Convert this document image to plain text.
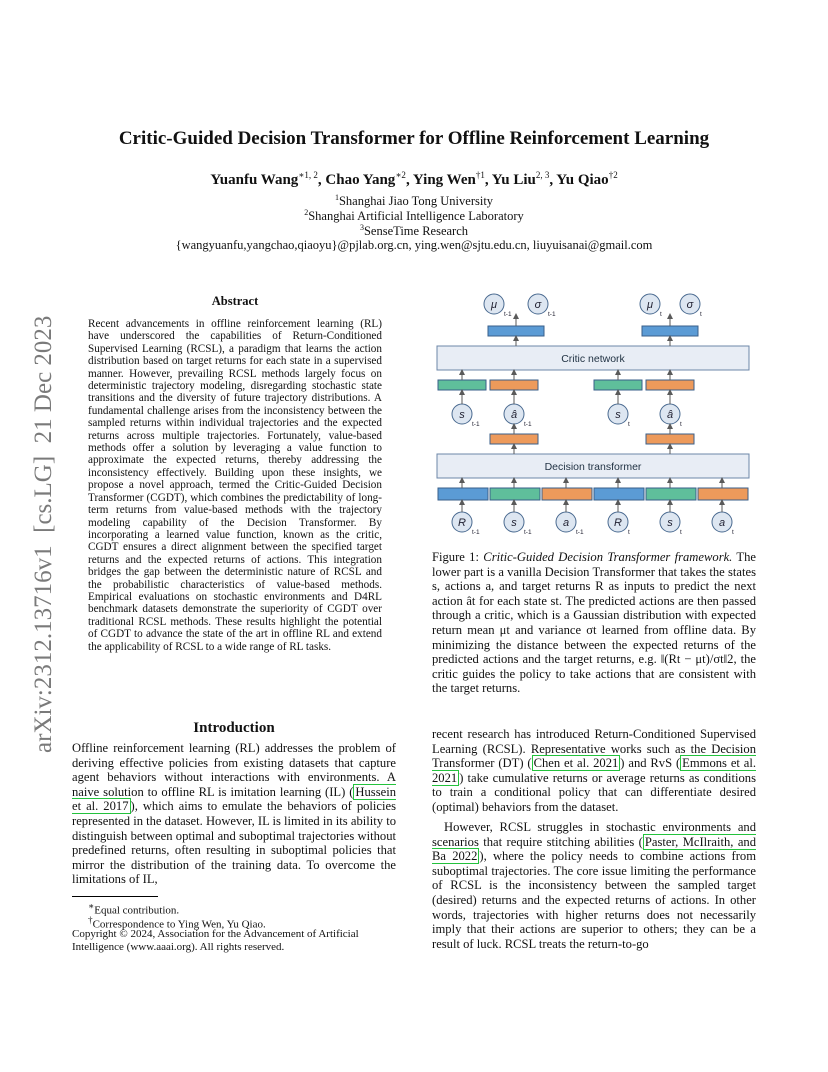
Critic-Guided Decision Transformer for Offline Reinforcement Learning
Yuanfu Wang$^{∗1, 2}$, Chao Yang$^{∗2}$, Ying Wen$^{\dagger 1}$, Yu Liu$^{2, 3}$, Yu Qiao$^{\dagger 2}$
$^1$Shanghai Jiao Tong University
$^2$Shanghai Artificial Intelligence Laboratory
$^3$SenseTime Research
{wangyuanfu,yangchao,qiaoyu}@pjlab.org.cn, ying.wen@sjtu.edu.cn, liuyuisanai@gmail.com
arXiv:2312.13716v1  [cs.LG]  21 Dec 2023
Abstract
Recent advancements in offline reinforcement learning (RL) have underscored the capabilities of Return-Conditioned Supervised Learning (RCSL), a paradigm that learns the action distribution based on target returns for each state in a supervised manner. However, prevailing RCSL methods largely focus on deterministic trajectory modeling, disregarding stochastic state transitions and the diversity of future trajectory distributions. A fundamental challenge arises from the inconsistency between the sampled returns within individual trajectories and the expected returns across multiple trajectories. Fortunately, value-based methods offer a solution by leveraging a value function to approximate the expected returns, thereby addressing the inconsistency effectively. Building upon these insights, we propose a novel approach, termed the Critic-Guided Decision Transformer (CGDT), which combines the predictability of long-term returns from value-based methods with the trajectory modeling capability of the Decision Transformer. By incorporating a learned value function, known as the critic, CGDT ensures a direct alignment between the specified target returns and the expected returns of actions. This integration bridges the gap between the deterministic nature of RCSL and the probabilistic characteristics of value-based methods. Empirical evaluations on stochastic environments and D4RL benchmark datasets demonstrate the superiority of CGDT over traditional RCSL methods. These results highlight the potential of CGDT to advance the state of the art in offline RL and extend the applicability of RCSL to a wide range of RL tasks.
Critic network
Decision transformer
μ
t-1
σ
t-1
μ
t
σ
t
s
t-1
â
t-1
s
t
â
t
R
t-1
s
t-1
a
t-1
R
t
s
t
a
t
Figure 1: Critic-Guided Decision Transformer framework. The lower part is a vanilla Decision Transformer that takes the states s, actions a, and target returns R as inputs to predict the next action ât for each state st. The predicted actions are then passed through a critic, which is a Gaussian distribution with expected return mean μt and variance σt learned from offline data. By minimizing the distance between the expected returns of the predicted actions and the target returns, e.g. ‖(Rt − μt)/σt‖2, the critic guides the policy to take actions that are consistent with the target returns.
Introduction
Offline reinforcement learning (RL) addresses the problem of deriving effective policies from existing datasets that capture agent behaviors without interactions with environments. A naive solution to offline RL is imitation learning (IL) ( Hussein et al. 2017 ), which aims to emulate the behaviors of policies represented in the dataset. However, IL is limited in its ability to distinguish between optimal and suboptimal trajectories without predefined returns, often resulting in suboptimal policies that mirror the distribution of the training data. To overcome the limitations of IL,
recent research has introduced Return-Conditioned Supervised Learning (RCSL). Representative works such as the Decision Transformer (DT) ( Chen et al. 2021 ) and RvS ( Emmons et al. 2021 ) take cumulative returns or average returns as conditions to train a conditional policy that can differentiate desired (optimal) behaviors from the dataset.
However, RCSL struggles in stochastic environments and scenarios that require stitching abilities ( Paster, McIlraith, and Ba 2022 ), where the policy needs to combine actions from suboptimal trajectories. The core issue limiting the performance of RCSL is the inconsistency between the sampled target (desired) returns and the expected returns of actions. In other words, trajectories with higher returns does not necessarily imply that their actions are superior to others; they can be a result of luck. RCSL treats the return-to-go
∗Equal contribution.
†Correspondence to Ying Wen, Yu Qiao.
Copyright © 2024, Association for the Advancement of Artificial Intelligence (www.aaai.org). All rights reserved.
